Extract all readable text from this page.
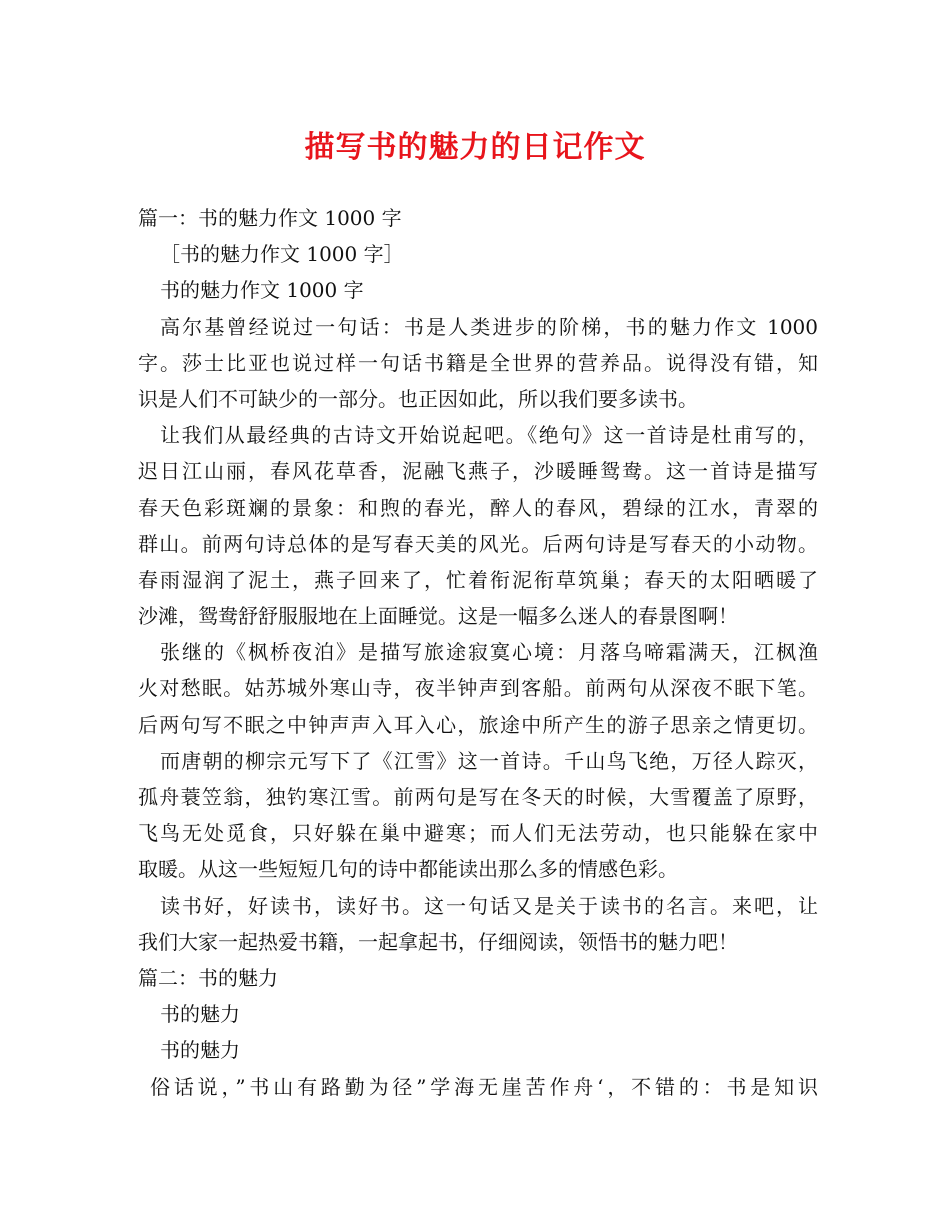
描写书的魅力的日记作文
篇一：书的魅力作文 1000 字
［书的魅力作文 1000 字］
书的魅力作文 1000 字
高尔基曾经说过一句话：书是人类进步的阶梯，书的魅力作文 1000
字。莎士比亚也说过样一句话书籍是全世界的营养品。说得没有错，知
识是人们不可缺少的一部分。也正因如此，所以我们要多读书。
让我们从最经典的古诗文开始说起吧。《绝句》这一首诗是杜甫写的，
迟日江山丽，春风花草香，泥融飞燕子，沙暖睡鸳鸯。这一首诗是描写
春天色彩斑斓的景象：和煦的春光，醉人的春风，碧绿的江水，青翠的
群山。前两句诗总体的是写春天美的风光。后两句诗是写春天的小动物。
春雨湿润了泥土，燕子回来了，忙着衔泥衔草筑巢；春天的太阳晒暖了
沙滩，鸳鸯舒舒服服地在上面睡觉。这是一幅多么迷人的春景图啊！
张继的《枫桥夜泊》是描写旅途寂寞心境：月落乌啼霜满天，江枫渔
火对愁眠。姑苏城外寒山寺，夜半钟声到客船。前两句从深夜不眠下笔。
后两句写不眠之中钟声声入耳入心，旅途中所产生的游子思亲之情更切。
而唐朝的柳宗元写下了《江雪》这一首诗。千山鸟飞绝，万径人踪灭，
孤舟蓑笠翁，独钓寒江雪。前两句是写在冬天的时候，大雪覆盖了原野，
飞鸟无处觅食，只好躲在巢中避寒；而人们无法劳动，也只能躲在家中
取暖。从这一些短短几句的诗中都能读出那么多的情感色彩。
读书好，好读书，读好书。这一句话又是关于读书的名言。来吧，让
我们大家一起热爱书籍，一起拿起书，仔细阅读，领悟书的魅力吧！
篇二：书的魅力
书的魅力
书的魅力
俗话说，”书山有路勤为径”学海无崖苦作舟‘，不错的：书是知识
